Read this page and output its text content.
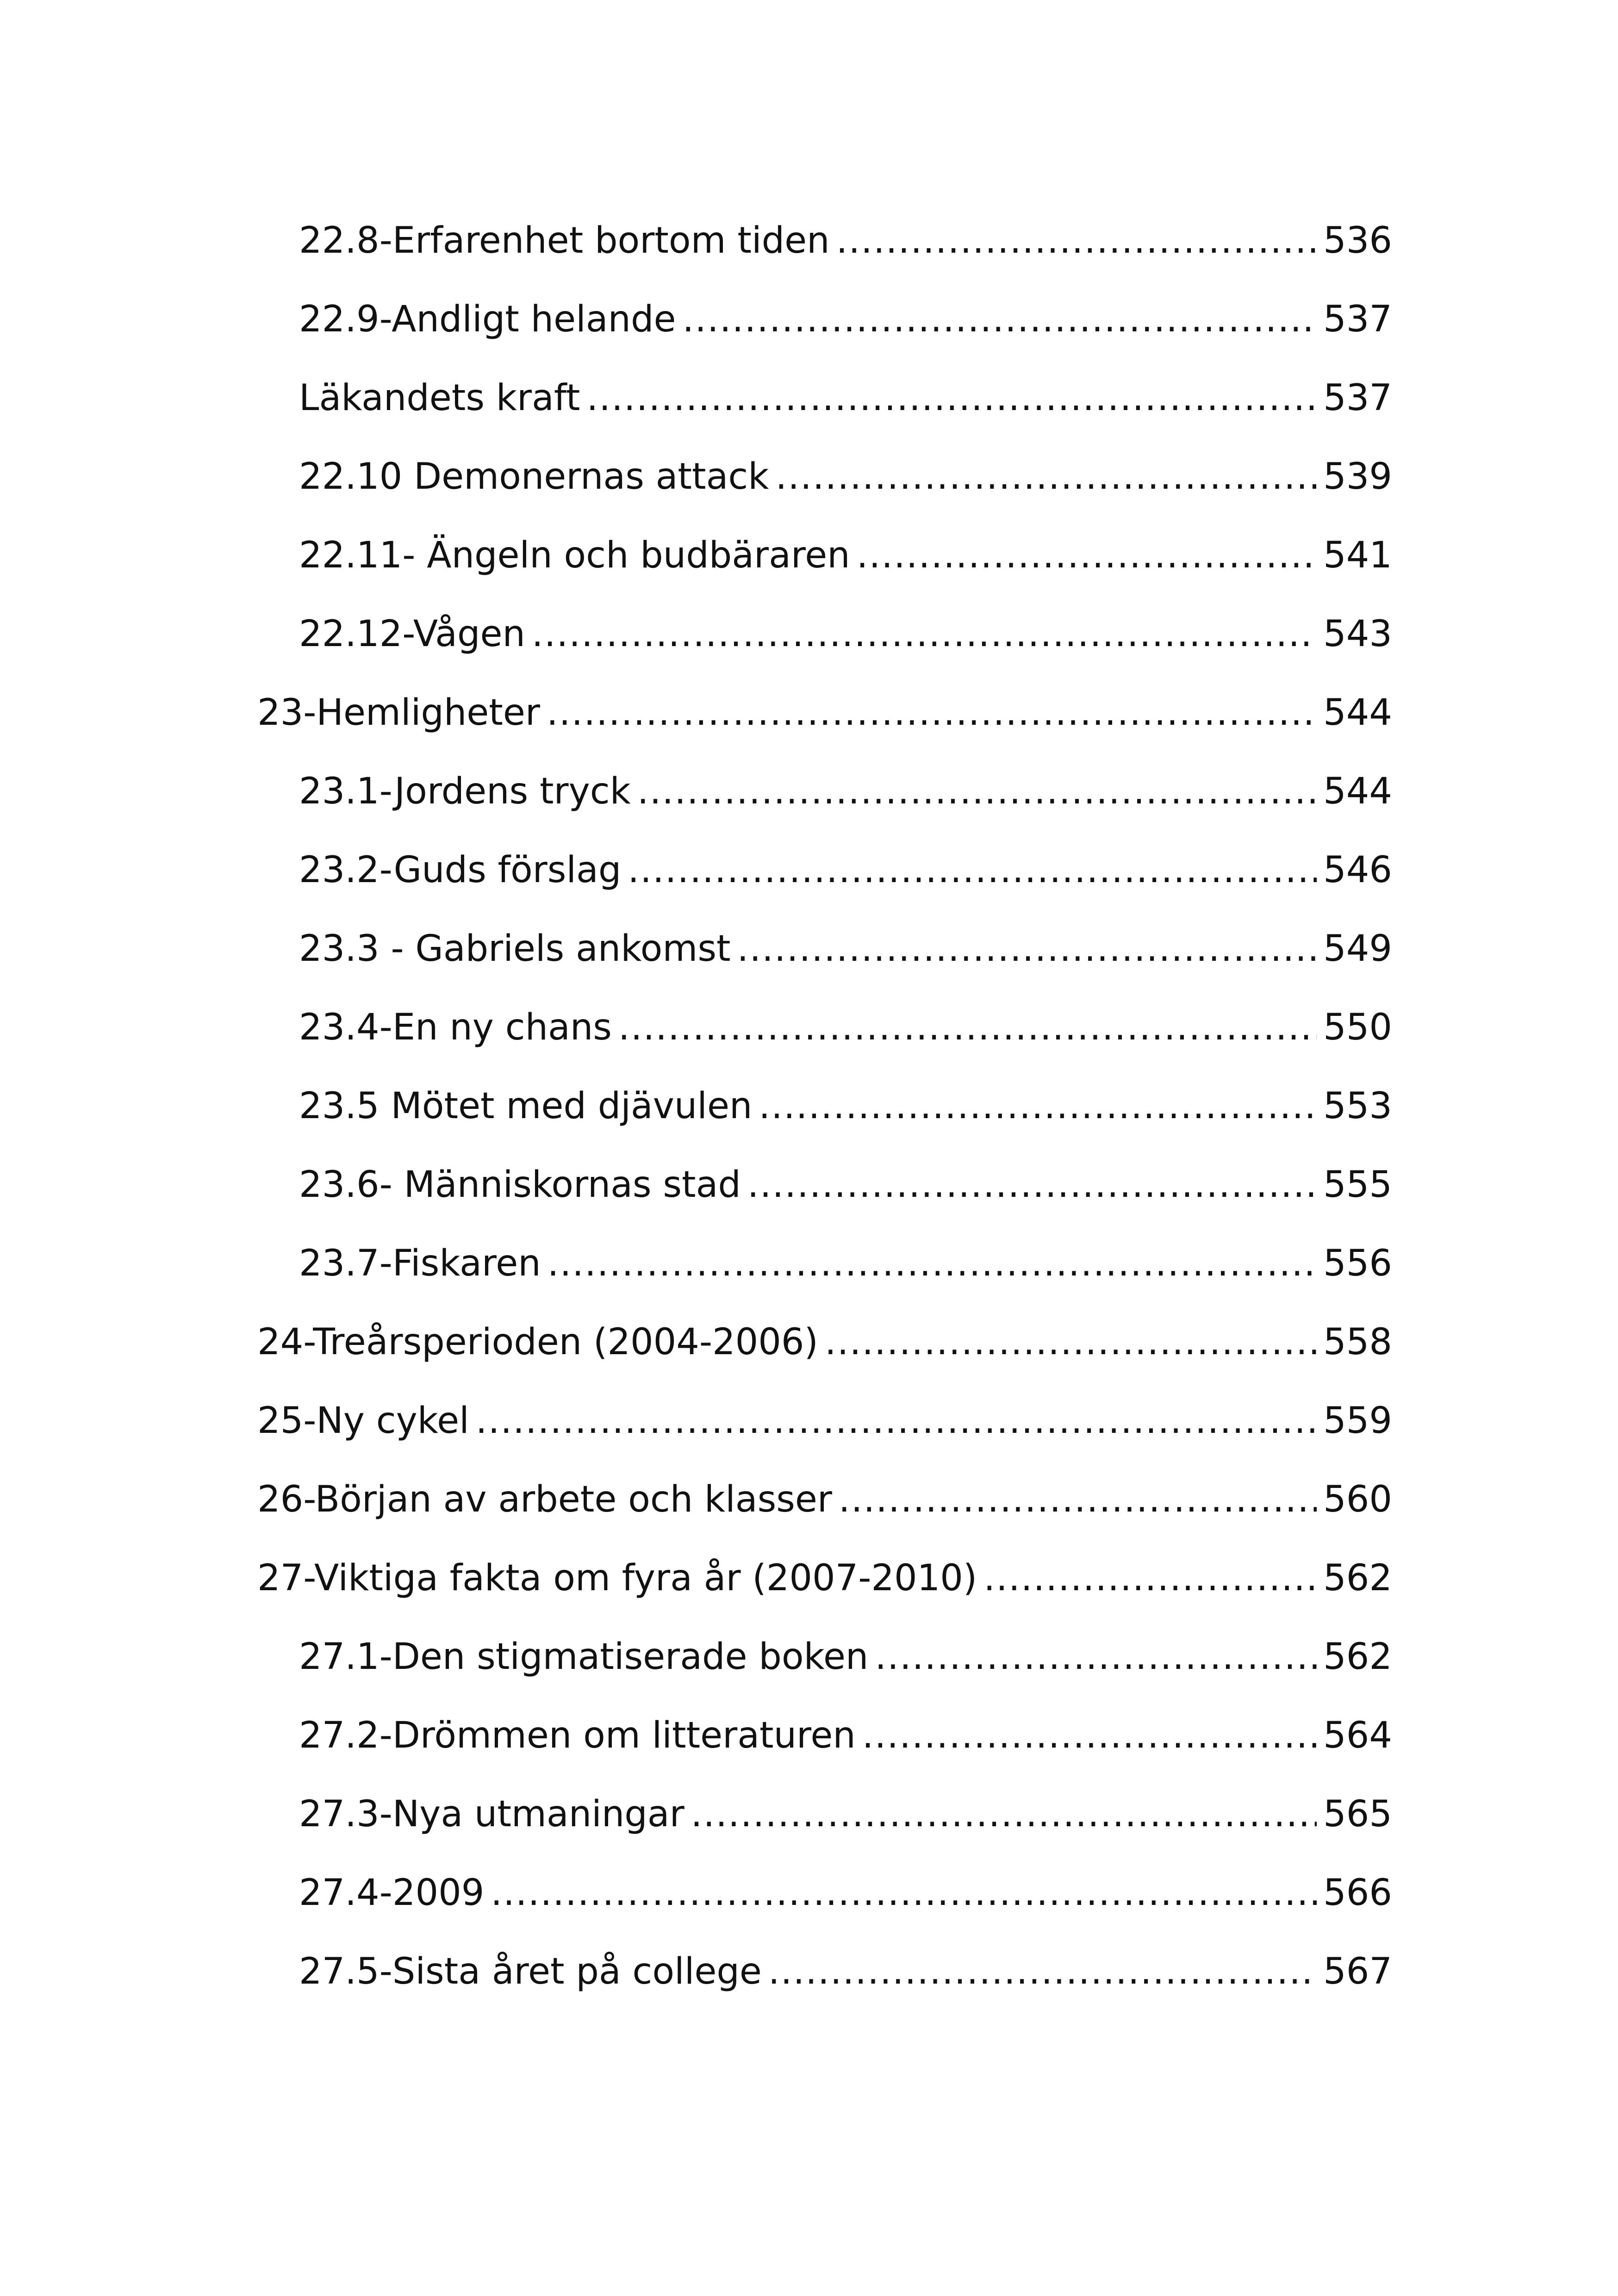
22.8-Erfarenhet bortom tiden .....	536
22.9-Andligt helande .....	537
Läkandets kraft .....	537
22.10 Demonernas attack .....	539
22.11- Ängeln och budbäraren .....	541
22.12-Vågen .....	543
23-Hemligheter .....	544
23.1-Jordens tryck .....	544
23.2-Guds förslag .....	546
23.3 - Gabriels ankomst .....	549
23.4-En ny chans .....	550
23.5 Mötet med djävulen .....	553
23.6- Människornas stad .....	555
23.7-Fiskaren .....	556
24-Treårsperioden (2004-2006) .....	558
25-Ny cykel .....	559
26-Början av arbete och klasser .....	560
27-Viktiga fakta om fyra år (2007-2010) .....	562
27.1-Den stigmatiserade boken .....	562
27.2-Drömmen om litteraturen .....	564
27.3-Nya utmaningar .....	565
27.4-2009 .....	566
27.5-Sista året på college .....	567
